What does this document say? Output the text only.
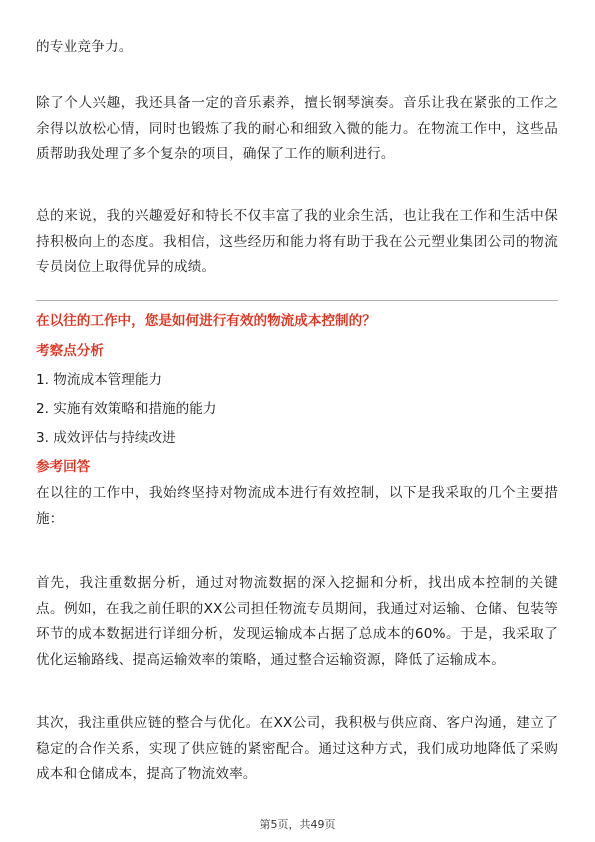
的专业竞争力。

除了个人兴趣，我还具备一定的音乐素养，擅长钢琴演奏。音乐让我在紧张的工作之余得以放松心情，同时也锻炼了我的耐心和细致入微的能力。在物流工作中，这些品质帮助我处理了多个复杂的项目，确保了工作的顺利进行。

总的来说，我的兴趣爱好和特长不仅丰富了我的业余生活，也让我在工作和生活中保持积极向上的态度。我相信，这些经历和能力将有助于我在公元塑业集团公司的物流专员岗位上取得优异的成绩。

在以往的工作中，您是如何进行有效的物流成本控制的？

考察点分析

1. 物流成本管理能力
2. 实施有效策略和措施的能力
3. 成效评估与持续改进

参考回答

在以往的工作中，我始终坚持对物流成本进行有效控制，以下是我采取的几个主要措施：

首先，我注重数据分析，通过对物流数据的深入挖掘和分析，找出成本控制的关键点。例如，在我之前任职的XX公司担任物流专员期间，我通过对运输、仓储、包装等环节的成本数据进行详细分析，发现运输成本占据了总成本的60%。于是，我采取了优化运输路线、提高运输效率的策略，通过整合运输资源，降低了运输成本。

其次，我注重供应链的整合与优化。在XX公司，我积极与供应商、客户沟通，建立了稳定的合作关系，实现了供应链的紧密配合。通过这种方式，我们成功地降低了采购成本和仓储成本，提高了物流效率。

第5页，共49页
